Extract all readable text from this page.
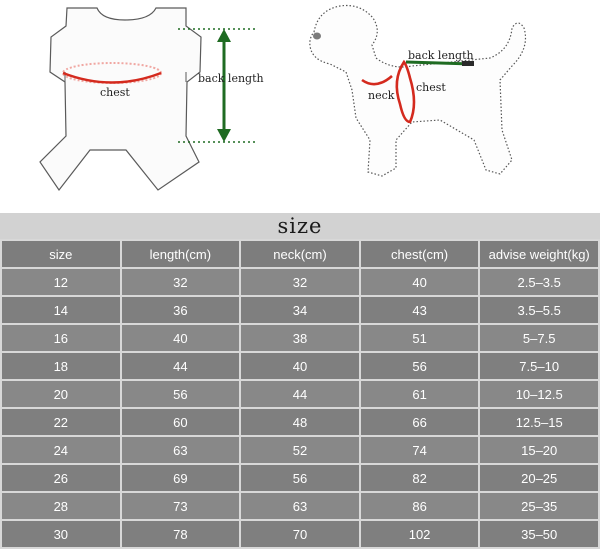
chest
back length
back length
neck
chest
size
size	length(cm)	neck(cm)	chest(cm)	advise weight(kg)
12	32	32	40	2.5–3.5
14	36	34	43	3.5–5.5
16	40	38	51	5–7.5
18	44	40	56	7.5–10
20	56	44	61	10–12.5
22	60	48	66	12.5–15
24	63	52	74	15–20
26	69	56	82	20–25
28	73	63	86	25–35
30	78	70	102	35–50
